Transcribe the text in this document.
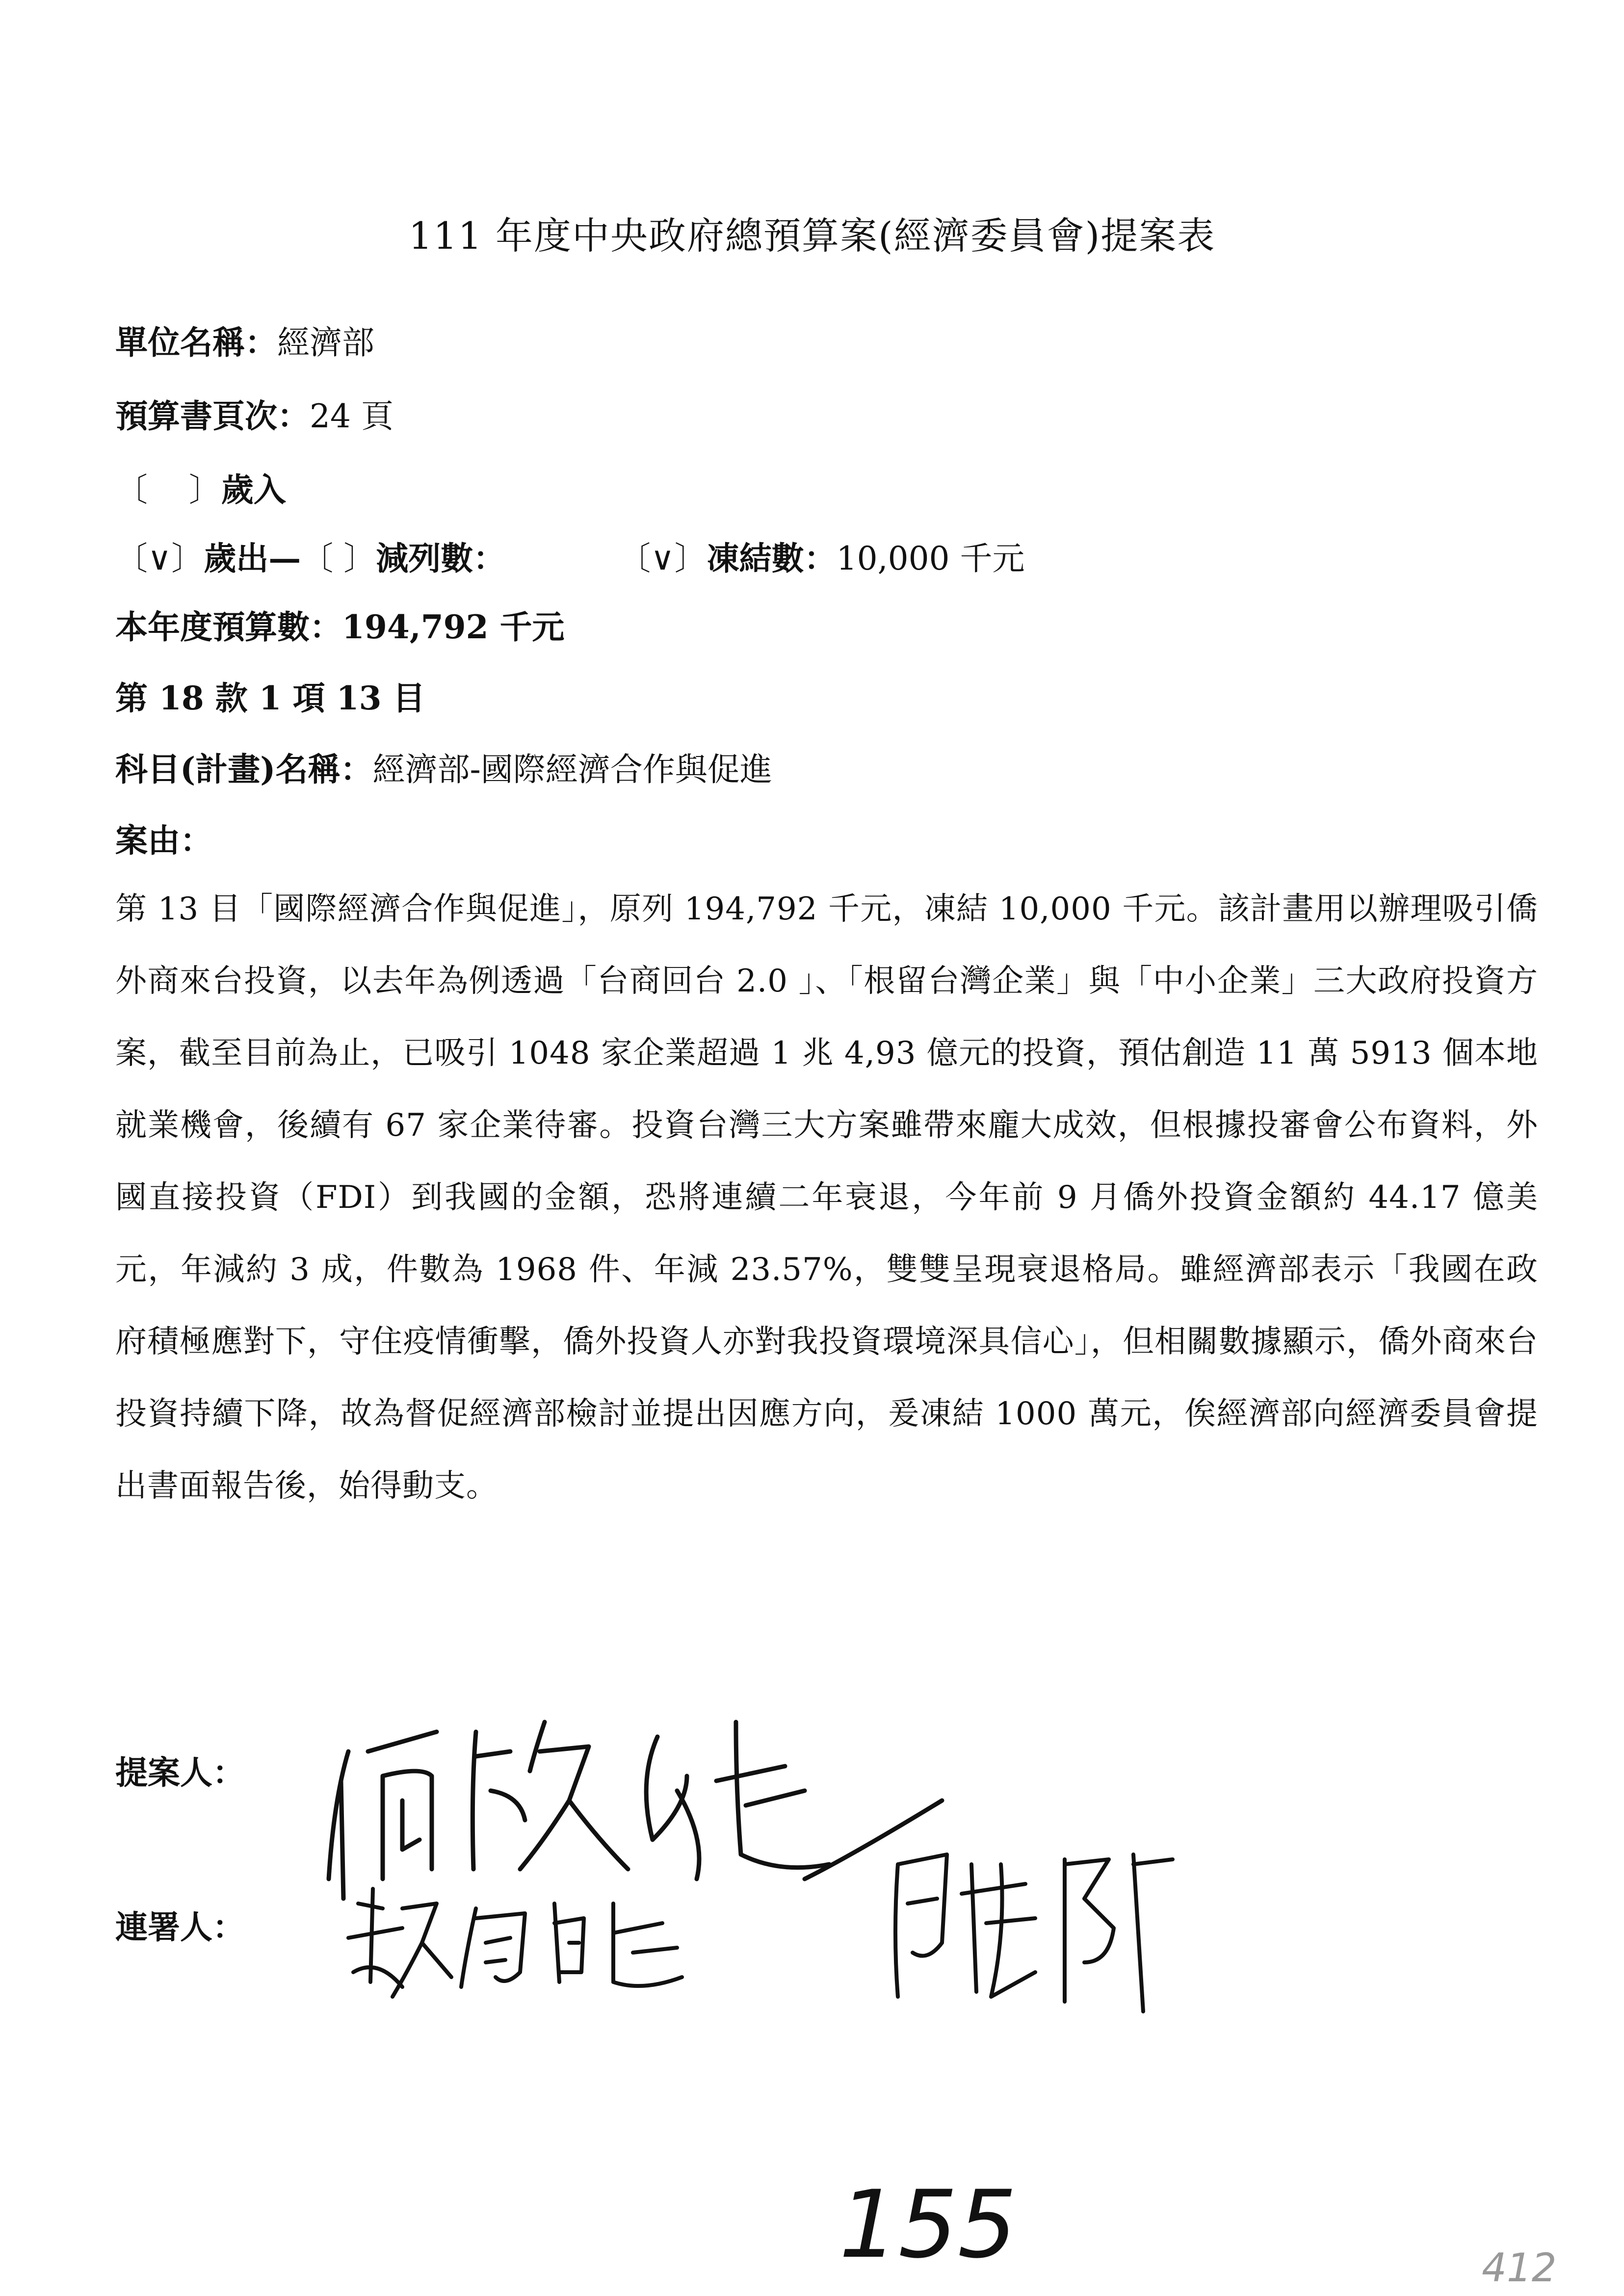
111 年度中央政府總預算案(經濟委員會)提案表
單位名稱：經濟部
預算書頁次：24 頁
〔    〕歲入
〔∨〕歲出—〔 〕減列數：	〔∨〕凍結數：10,000 千元
本年度預算數：194,792 千元
第 18 款 1 項 13 目
科目(計畫)名稱：經濟部-國際經濟合作與促進
案由：
第 13 目「國際經濟合作與促進」，原列 194,792 千元，凍結 10,000 千元。該計畫用以辦理吸引僑外商來台投資，以去年為例透過「台商回台 2.0 」、「根留台灣企業」與「中小企業」三大政府投資方案，截至目前為止，已吸引 1048 家企業超過 1 兆 4,93 億元的投資，預估創造 11 萬 5913 個本地就業機會，後續有 67 家企業待審。投資台灣三大方案雖帶來龐大成效，但根據投審會公布資料，外國直接投資（FDI）到我國的金額，恐將連續二年衰退，今年前 9 月僑外投資金額約 44.17 億美元，年減約 3 成，件數為 1968 件、年減 23.57%，雙雙呈現衰退格局。雖經濟部表示「我國在政府積極應對下，守住疫情衝擊，僑外投資人亦對我投資環境深具信心」，但相關數據顯示，僑外商來台投資持續下降，故為督促經濟部檢討並提出因應方向，爰凍結 1000 萬元，俟經濟部向經濟委員會提出書面報告後，始得動支。
提案人：
連署人：
155	412
